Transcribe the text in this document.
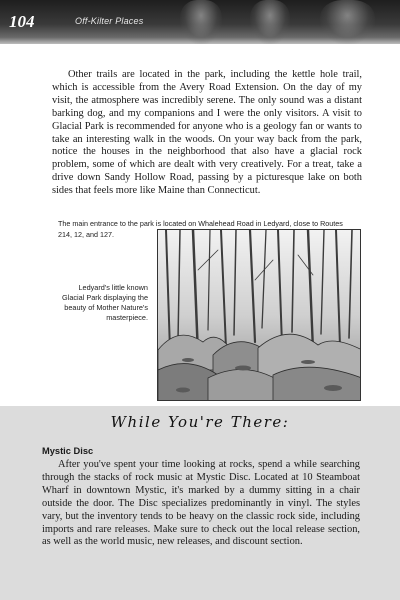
104	Off-Kilter Places

Other trails are located in the park, including the kettle hole trail, which is accessible from the Avery Road Extension. On the day of my visit, the atmosphere was incredibly serene. The only sound was a distant barking dog, and my companions and I were the only visitors. A visit to Glacial Park is recommended for anyone who is a geology fan or wants to take an interesting walk in the woods. On your way back from the park, notice the houses in the neighborhood that also have a glacial rock problem, some of which are dealt with very creatively. For a treat, take a drive down Sandy Hollow Road, passing by a picturesque lake on both sides that feels more like Maine than Connecticut.

The main entrance to the park is located on Whalehead Road in Ledyard, close to Routes 214, 12, and 127.

Ledyard's little known Glacial Park displaying the beauty of Mother Nature's masterpiece.

While You're There:

Mystic Disc

After you've spent your time looking at rocks, spend a while searching through the stacks of rock music at Mystic Disc. Located at 10 Steamboat Wharf in downtown Mystic, it's marked by a dummy sitting in a chair outside the door. The Disc specializes predominantly in vinyl. The styles vary, but the inventory tends to be heavy on the classic rock side, including imports and rare releases. Make sure to check out the local release section, as well as the world music, new releases, and discount section.
